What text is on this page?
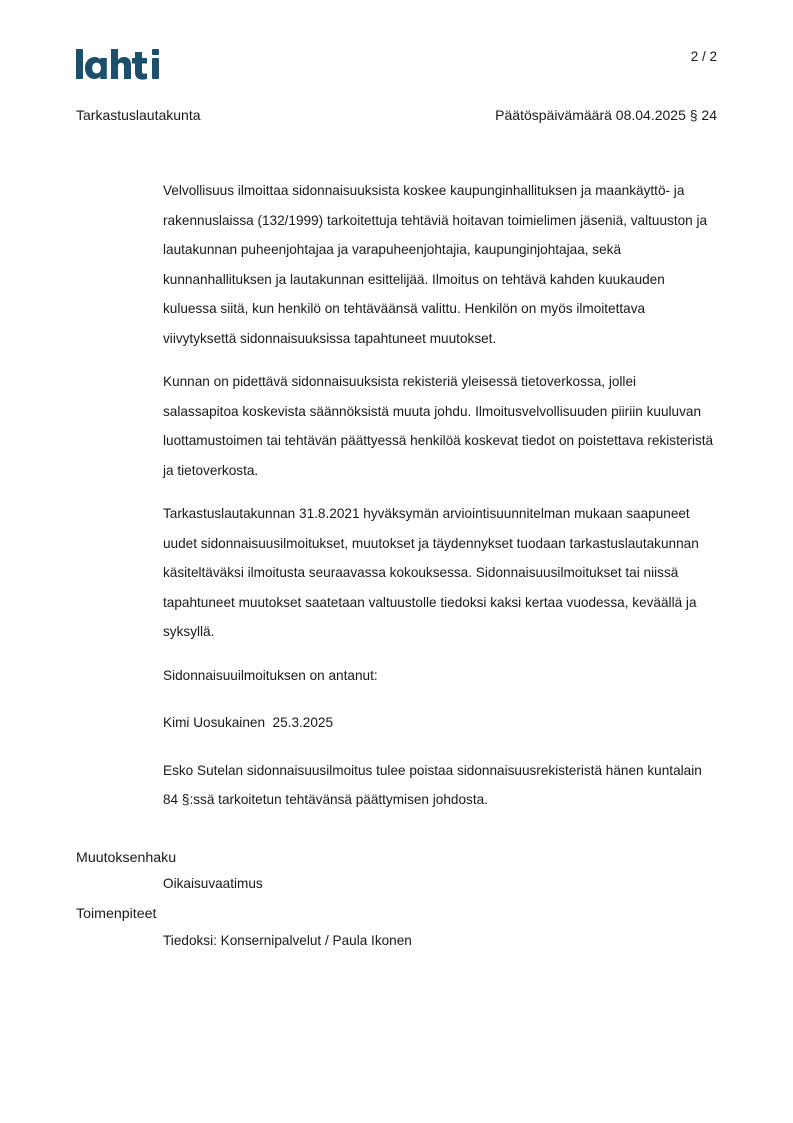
2 / 2
Tarkastuslautakunta	Päätöspäivämäärä 08.04.2025 § 24

Velvollisuus ilmoittaa sidonnaisuuksista koskee kaupunginhallituksen ja maankäyttö- ja rakennuslaissa (132/1999) tarkoitettuja tehtäviä hoitavan toimielimen jäseniä, valtuuston ja lautakunnan puheenjohtajaa ja varapuheenjohtajia, kaupunginjohtajaa, sekä kunnanhallituksen ja lautakunnan esittelijää. Ilmoitus on tehtävä kahden kuukauden kuluessa siitä, kun henkilö on tehtäväänsä valittu. Henkilön on myös ilmoitettava viivytyksettä sidonnaisuuksissa tapahtuneet muutokset.

Kunnan on pidettävä sidonnaisuuksista rekisteriä yleisessä tietoverkossa, jollei salassapitoa koskevista säännöksistä muuta johdu. Ilmoitusvelvollisuuden piiriin kuuluvan luottamustoimen tai tehtävän päättyessä henkilöä koskevat tiedot on poistettava rekisteristä ja tietoverkosta.

Tarkastuslautakunnan 31.8.2021 hyväksymän arviointisuunnitelman mukaan saapuneet uudet sidonnaisuusilmoitukset, muutokset ja täydennykset tuodaan tarkastuslautakunnan käsiteltäväksi ilmoitusta seuraavassa kokouksessa. Sidonnaisuusilmoitukset tai niissä tapahtuneet muutokset saatetaan valtuustolle tiedoksi kaksi kertaa vuodessa, keväällä ja syksyllä.

Sidonnaisuuilmoituksen on antanut:

Kimi Uosukainen  25.3.2025

Esko Sutelan sidonnaisuusilmoitus tulee poistaa sidonnaisuusrekisteristä hänen kuntalain 84 §:ssä tarkoitetun tehtävänsä päättymisen johdosta.

Muutoksenhaku
Oikaisuvaatimus
Toimenpiteet
Tiedoksi: Konsernipalvelut / Paula Ikonen
